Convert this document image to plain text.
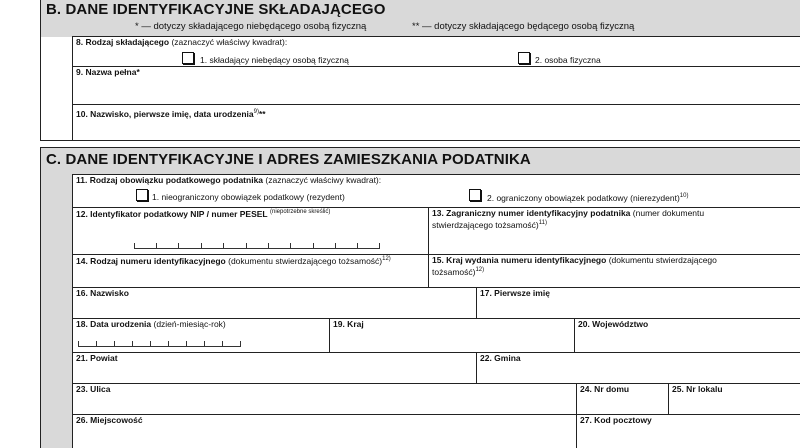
B. DANE IDENTYFIKACYJNE SKŁADAJĄCEGO
* — dotyczy składającego niebędącego osobą fizyczną	** — dotyczy składającego będącego osobą fizyczną
8. Rodzaj składającego (zaznaczyć właściwy kwadrat):
1. składający niebędący osobą fizyczną	2. osoba fizyczna
9. Nazwa pełna*
10. Nazwisko, pierwsze imię, data urodzenia$^{9)}$**
C. DANE IDENTYFIKACYJNE I ADRES ZAMIESZKANIA PODATNIKA
11. Rodzaj obowiązku podatkowego podatnika (zaznaczyć właściwy kwadrat):
1. nieograniczony obowiązek podatkowy (rezydent)	2. ograniczony obowiązek podatkowy (nierezydent)$^{10)}$
12. Identyfikator podatkowy NIP / numer PESEL $^{(niepotrzebne skreślić)}$	13. Zagraniczny numer identyfikacyjny podatnika (numer dokumentu
stwierdzającego tożsamość)$^{11)}$
14. Rodzaj numeru identyfikacyjnego (dokumentu stwierdzającego tożsamość)$^{12)}$	15. Kraj wydania numeru identyfikacyjnego (dokumentu stwierdzającego
tożsamość)$^{12)}$
16. Nazwisko	17. Pierwsze imię
18. Data urodzenia (dzień-miesiąc-rok)	19. Kraj	20. Województwo
21. Powiat	22. Gmina
23. Ulica	24. Nr domu	25. Nr lokalu
26. Miejscowość	27. Kod pocztowy
